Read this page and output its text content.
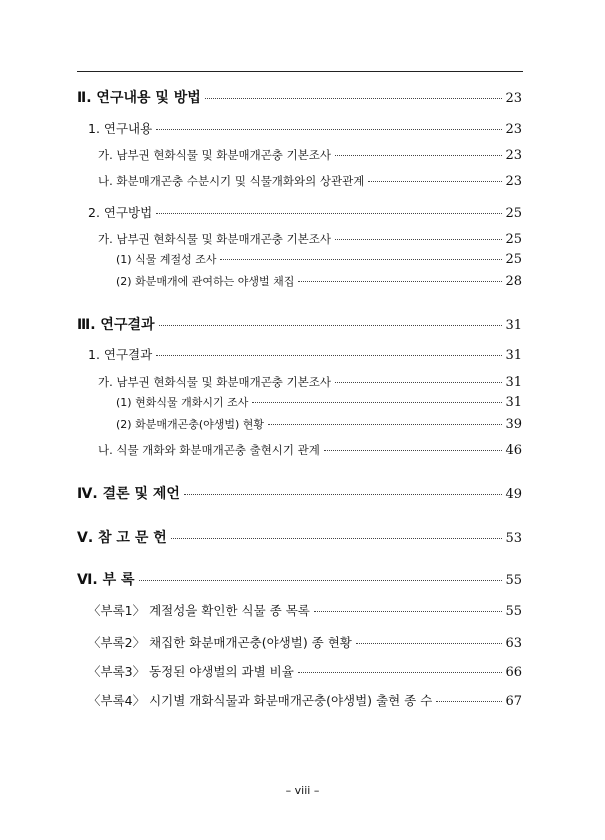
Ⅱ. 연구내용 및 방법	23
1. 연구내용	23
가. 남부권 현화식물 및 화분매개곤충 기본조사	23
나. 화분매개곤충 수분시기 및 식물개화와의 상관관계	23
2. 연구방법	25
가. 남부권 현화식물 및 화분매개곤충 기본조사	25
(1) 식물 계절성 조사	25
(2) 화분매개에 관여하는 야생벌 채집	28
Ⅲ. 연구결과	31
1. 연구결과	31
가. 남부권 현화식물 및 화분매개곤충 기본조사	31
(1) 현화식물 개화시기 조사	31
(2) 화분매개곤충(야생벌) 현황	39
나. 식물 개화와 화분매개곤충 출현시기 관계	46
Ⅳ. 결론 및 제언	49
Ⅴ. 참 고 문 헌	53
Ⅵ. 부 록	55
〈부록1〉 계절성을 확인한 식물 종 목록	55
〈부록2〉 채집한 화분매개곤충(야생벌) 종 현황	63
〈부록3〉 동정된 야생벌의 과별 비율	66
〈부록4〉 시기별 개화식물과 화분매개곤충(야생벌) 출현 종 수	67
– viii –
